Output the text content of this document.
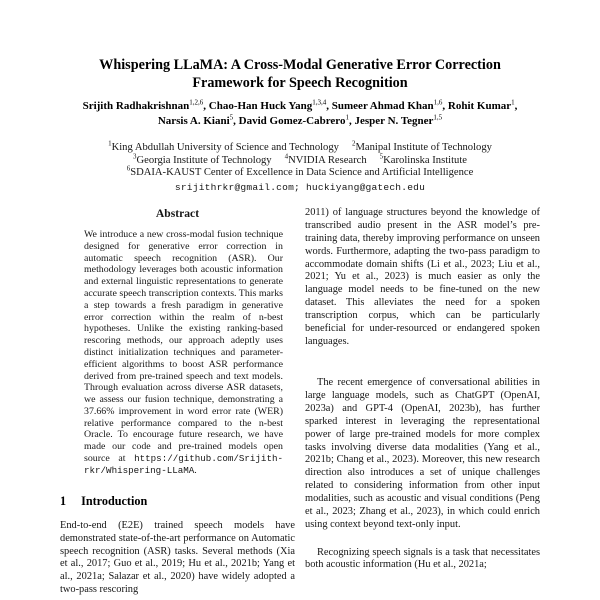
Whispering LLaMA: A Cross-Modal Generative Error Correction Framework for Speech Recognition
Srijith Radhakrishnan$^{1,2,6}$, Chao-Han Huck Yang$^{1,3,4}$, Sumeer Ahmad Khan$^{1,6}$, Rohit Kumar$^1$, Narsis A. Kiani$^5$, David Gomez-Cabrero$^1$, Jesper N. Tegner$^{1,5}$
$^1$King Abdullah University of Science and Technology $^2$Manipal Institute of Technology
$^3$Georgia Institute of Technology $^4$NVIDIA Research $^5$Karolinska Institute
$^6$SDAIA-KAUST Center of Excellence in Data Science and Artificial Intelligence
srijithrkr@gmail.com; huckiyang@gatech.edu
Abstract
We introduce a new cross-modal fusion technique designed for generative error correction in automatic speech recognition (ASR). Our methodology leverages both acoustic information and external linguistic representations to generate accurate speech transcription contexts. This marks a step towards a fresh paradigm in generative error correction within the realm of n-best hypotheses. Unlike the existing ranking-based rescoring methods, our approach adeptly uses distinct initialization techniques and parameter-efficient algorithms to boost ASR performance derived from pre-trained speech and text models. Through evaluation across diverse ASR datasets, we assess our fusion technique, demonstrating a 37.66% improvement in word error rate (WER) relative performance compared to the n-best Oracle. To encourage future research, we have made our code and pre-trained models open source at https://github.com/Srijith-rkr/Whispering-LLaMA.
1 Introduction
End-to-end (E2E) trained speech models have demonstrated state-of-the-art performance on Automatic speech recognition (ASR) tasks. Several methods (Xia et al., 2017; Guo et al., 2019; Hu et al., 2021b; Yang et al., 2021a; Salazar et al., 2020) have widely adopted a two-pass rescoring
2011) of language structures beyond the knowledge of transcribed audio present in the ASR model’s pre-training data, thereby improving performance on unseen words. Furthermore, adapting the two-pass paradigm to accommodate domain shifts (Li et al., 2023; Liu et al., 2021; Yu et al., 2023) is much easier as only the language model needs to be fine-tuned on the new dataset. This alleviates the need for a spoken transcription corpus, which can be particularly beneficial for under-resourced or endangered spoken languages.
The recent emergence of conversational abilities in large language models, such as ChatGPT (OpenAI, 2023a) and GPT-4 (OpenAI, 2023b), has further sparked interest in leveraging the representational power of large pre-trained models for more complex tasks involving diverse data modalities (Yang et al., 2021b; Chang et al., 2023). Moreover, this new research direction also introduces a set of unique challenges related to considering information from other input modalities, such as acoustic and visual conditions (Peng et al., 2023; Zhang et al., 2023), in which could enrich using context beyond text-only input.
Recognizing speech signals is a task that necessitates both acoustic information (Hu et al., 2021a;
